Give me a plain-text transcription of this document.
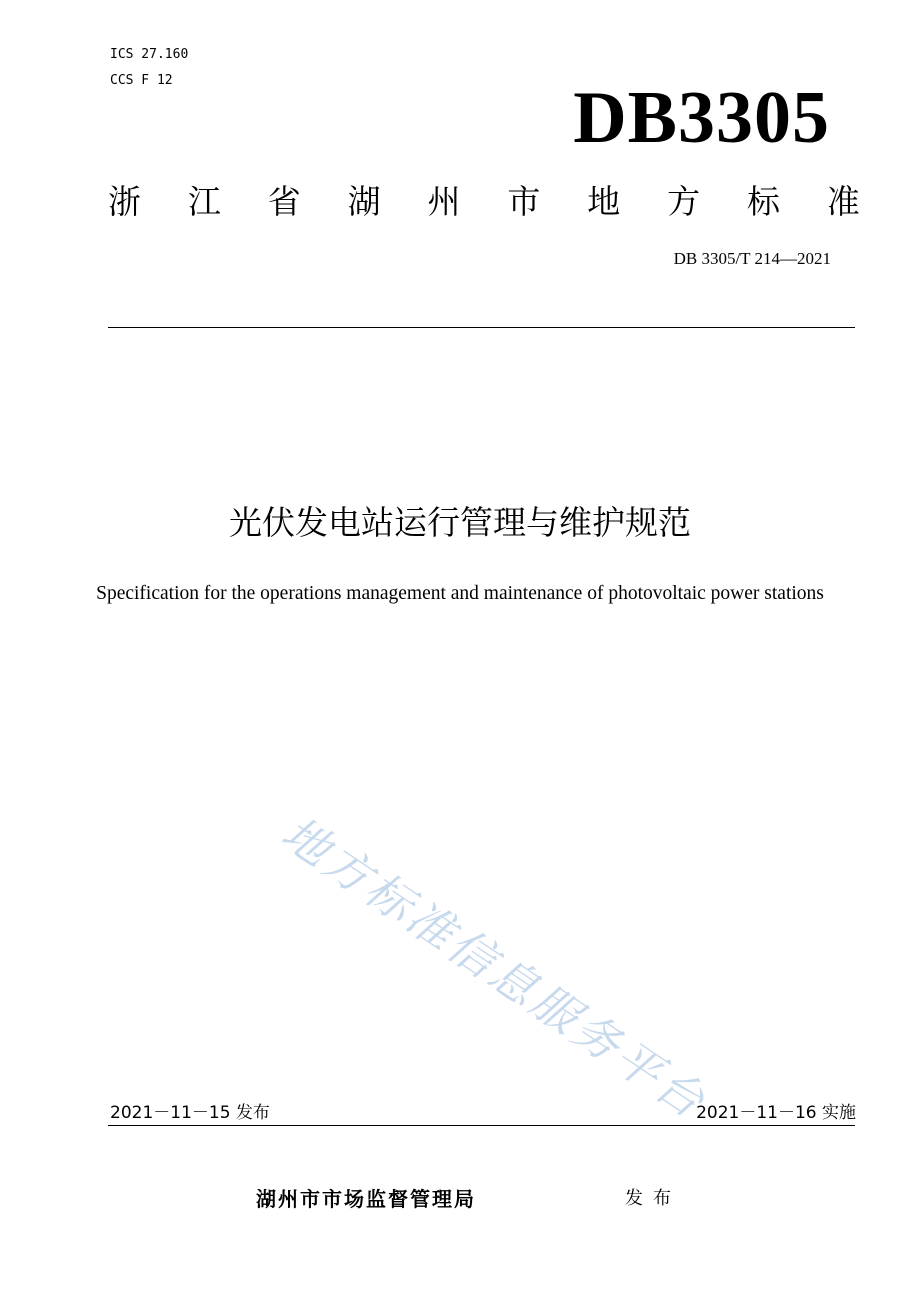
ICS 27.160
CCS F 12	DB3305
浙 江 省 湖 州 市 地 方 标 准
DB 3305/T 214—2021
光伏发电站运行管理与维护规范
Specification for the operations management and maintenance of photovoltaic power stations
地方标准信息服务平台
2021－11－15 发布	2021－11－16 实施
湖州市市场监督管理局	发布
